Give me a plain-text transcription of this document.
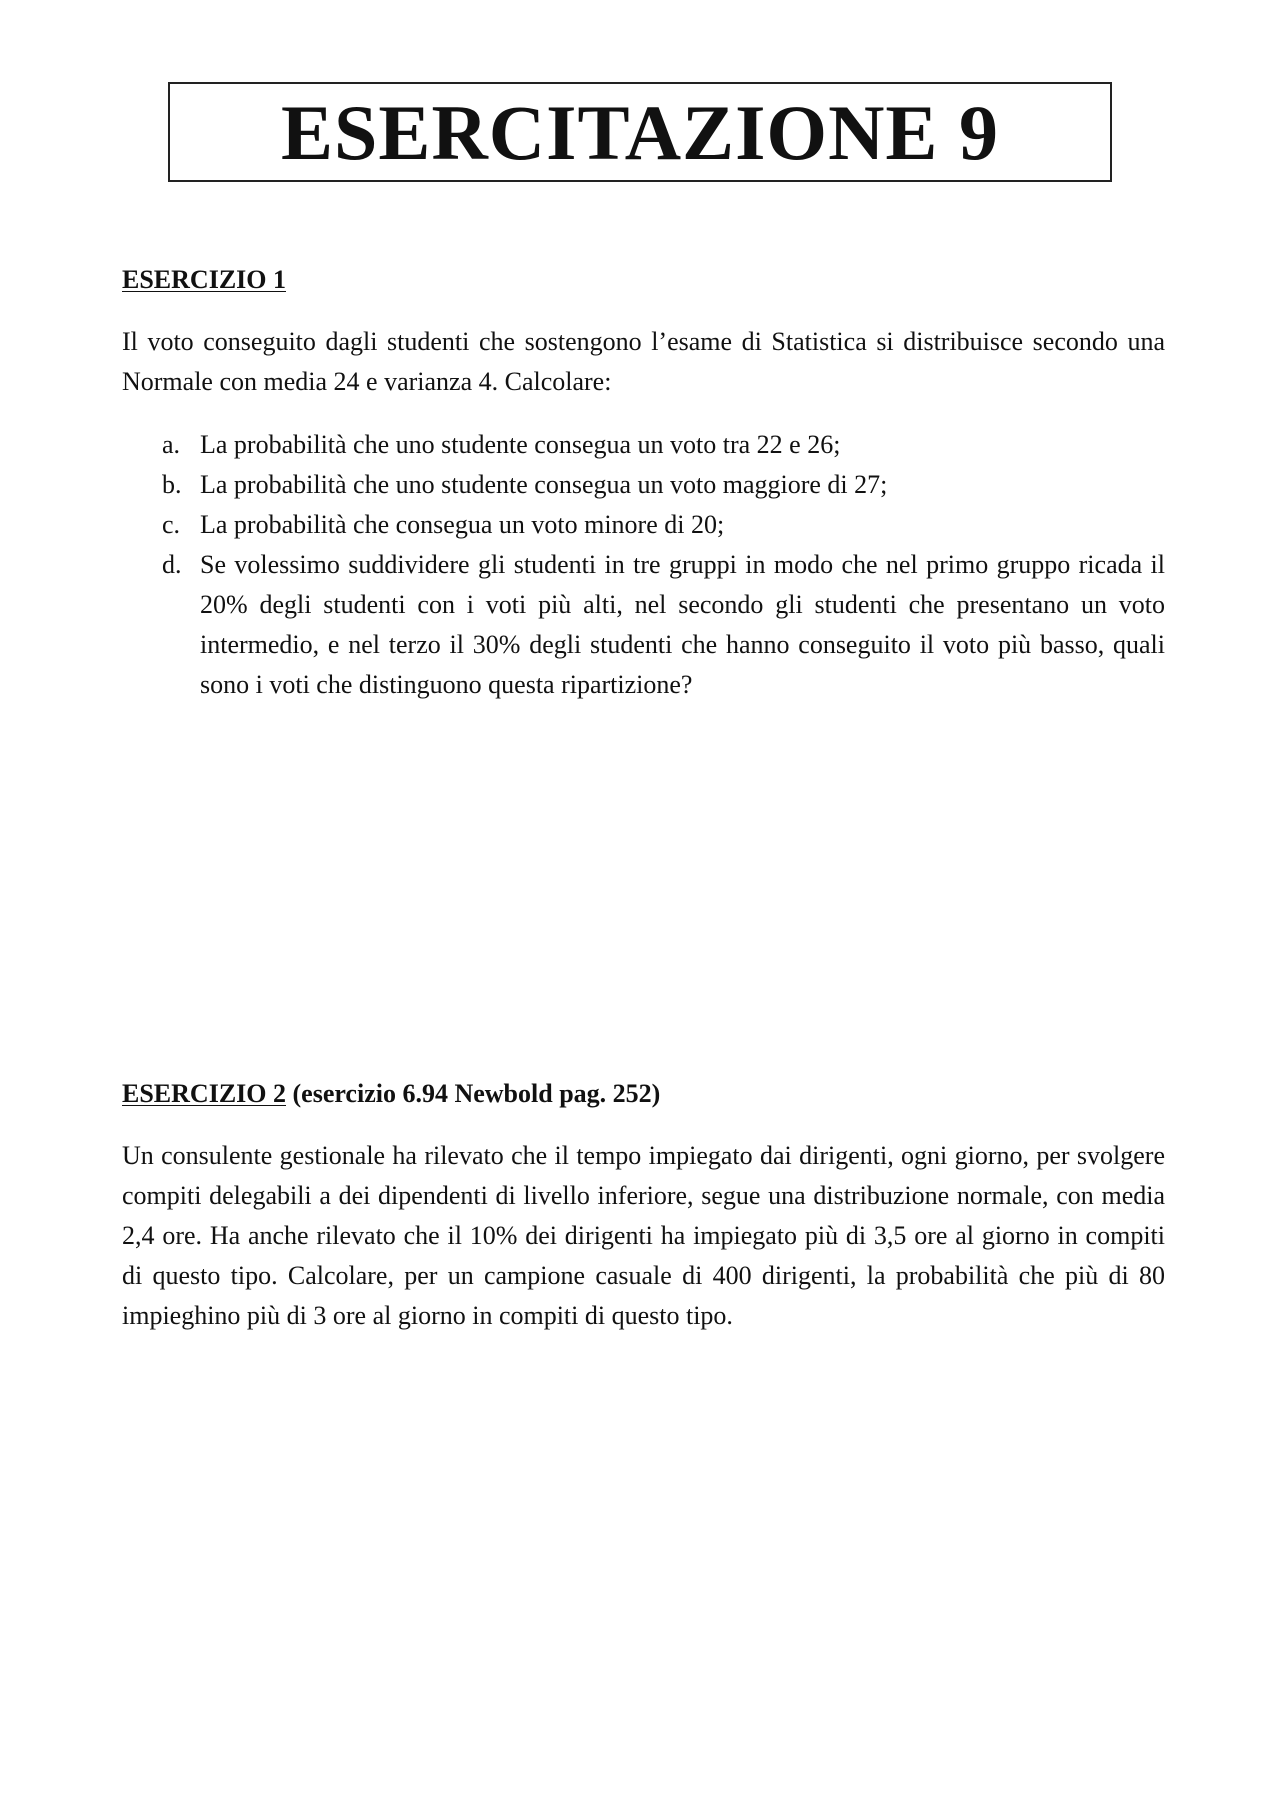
ESERCITAZIONE 9
ESERCIZIO 1

Il voto conseguito dagli studenti che sostengono l’esame di Statistica si distribuisce secondo una Normale con media 24 e varianza 4. Calcolare:

a. La probabilità che uno studente consegua un voto tra 22 e 26;
b. La probabilità che uno studente consegua un voto maggiore di 27;
c. La probabilità che consegua un voto minore di 20;
d. Se volessimo suddividere gli studenti in tre gruppi in modo che nel primo gruppo ricada il 20% degli studenti con i voti più alti, nel secondo gli studenti che presentano un voto intermedio, e nel terzo il 30% degli studenti che hanno conseguito il voto più basso, quali sono i voti che distinguono questa ripartizione?
ESERCIZIO 2 (esercizio 6.94 Newbold pag. 252)

Un consulente gestionale ha rilevato che il tempo impiegato dai dirigenti, ogni giorno, per svolgere compiti delegabili a dei dipendenti di livello inferiore, segue una distribuzione normale, con media 2,4 ore. Ha anche rilevato che il 10% dei dirigenti ha impiegato più di 3,5 ore al giorno in compiti di questo tipo. Calcolare, per un campione casuale di 400 dirigenti, la probabilità che più di 80 impieghino più di 3 ore al giorno in compiti di questo tipo.
